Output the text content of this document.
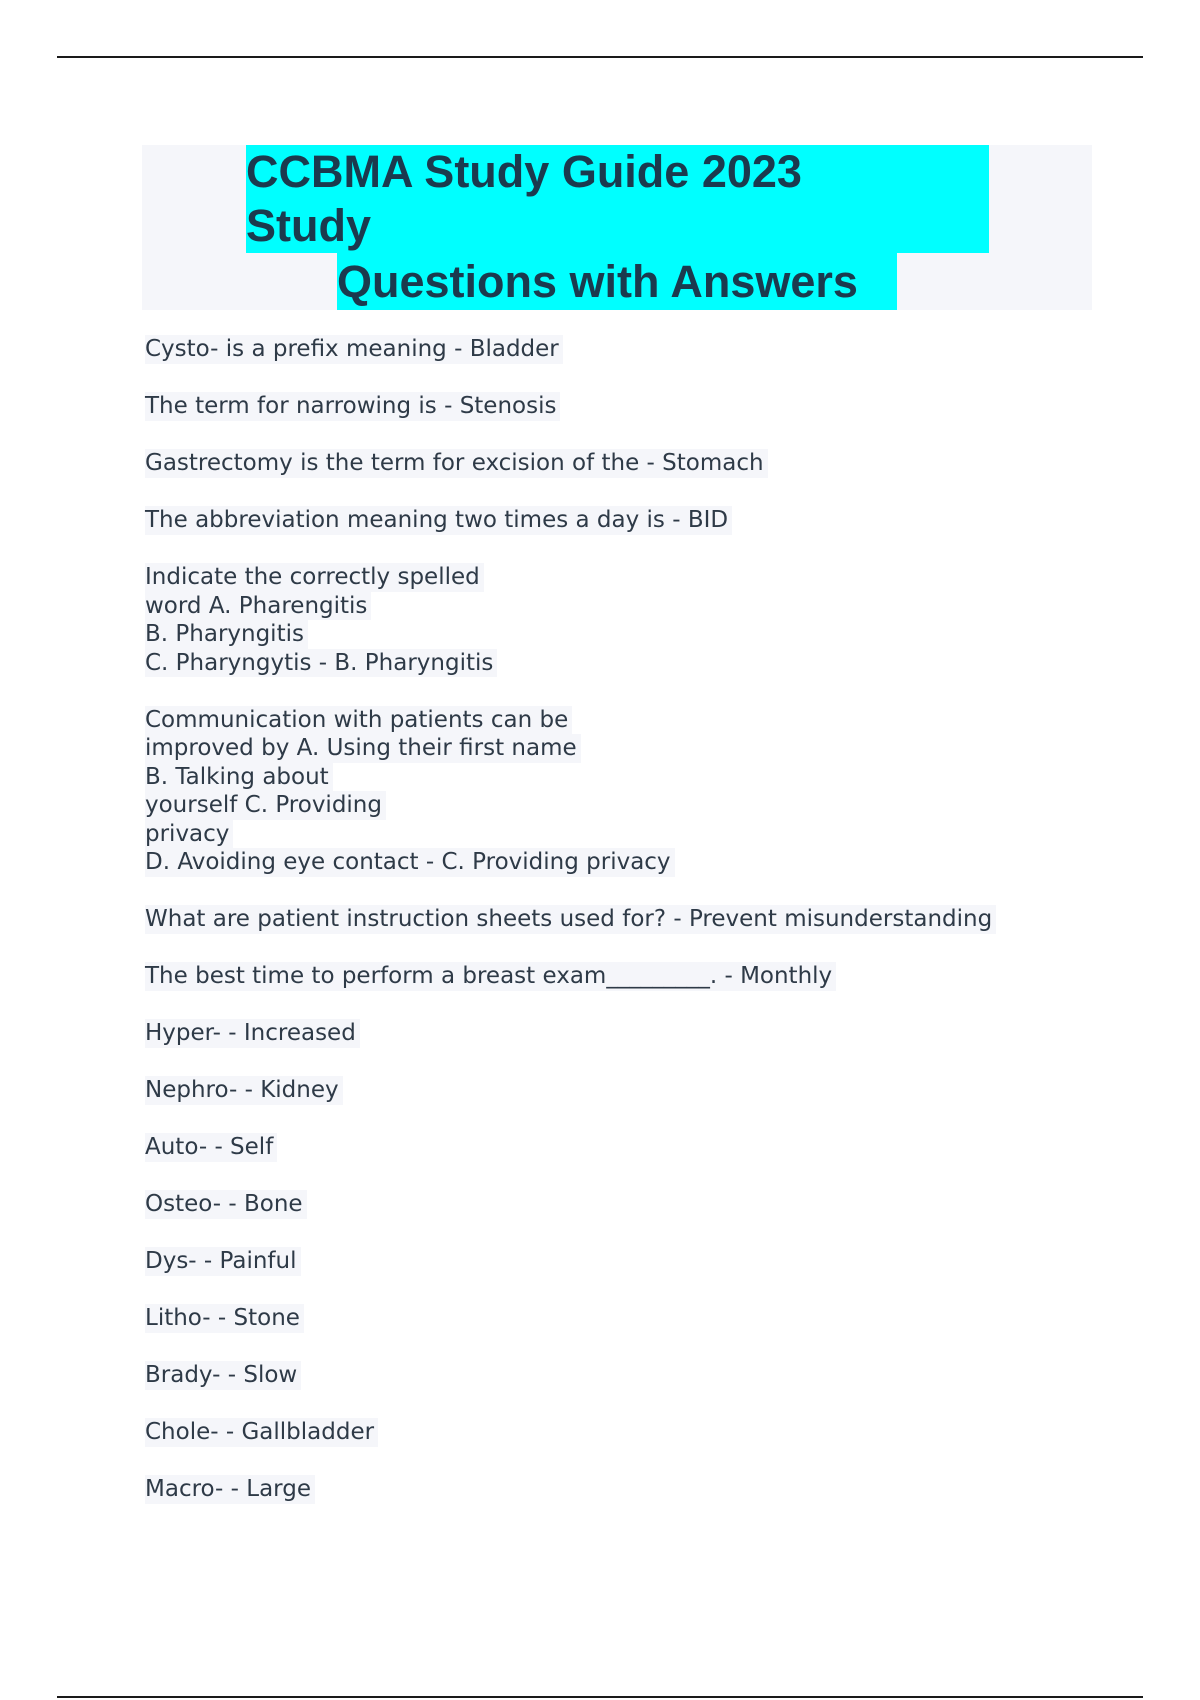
CCBMA Study Guide 2023
Study
Questions with Answers
Cysto- is a prefix meaning - Bladder
The term for narrowing is - Stenosis
Gastrectomy is the term for excision of the - Stomach
The abbreviation meaning two times a day is - BID
Indicate the correctly spelled
word A. Pharengitis
B. Pharyngitis
C. Pharyngytis - B. Pharyngitis
Communication with patients can be
improved by A. Using their first name
B. Talking about
yourself C. Providing
privacy
D. Avoiding eye contact - C. Providing privacy
What are patient instruction sheets used for? - Prevent misunderstanding
The best time to perform a breast exam_________. - Monthly
Hyper- - Increased
Nephro- - Kidney
Auto- - Self
Osteo- - Bone
Dys- - Painful
Litho- - Stone
Brady- - Slow
Chole- - Gallbladder
Macro- - Large
